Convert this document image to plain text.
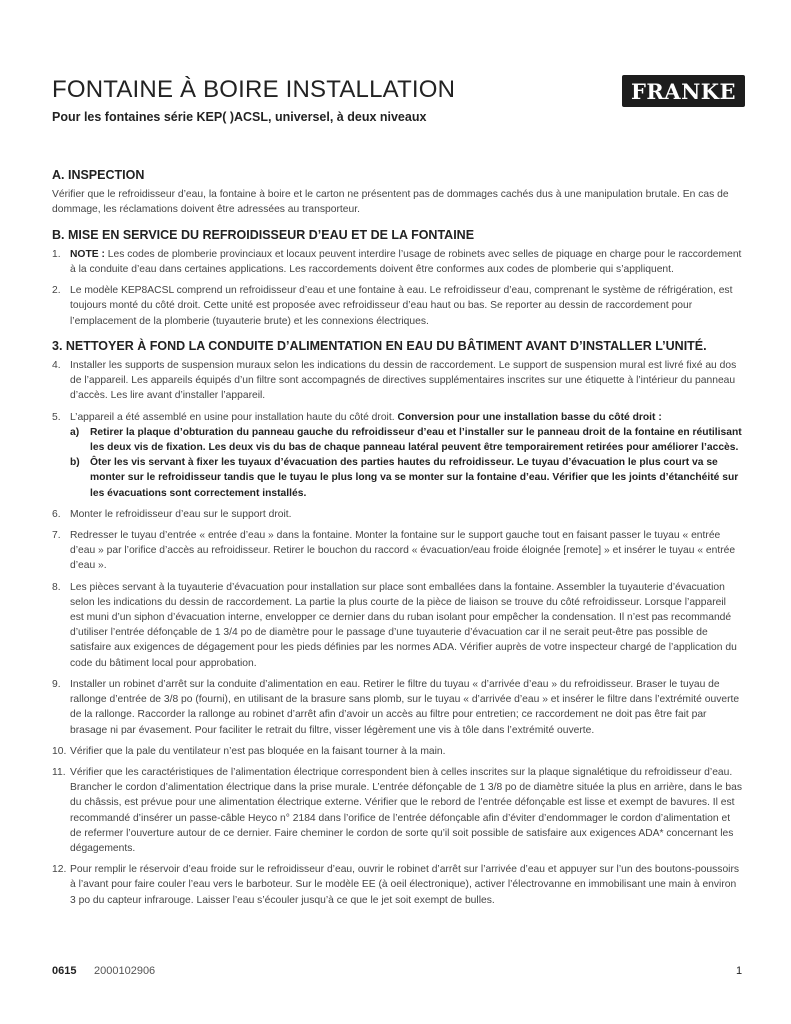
FONTAINE À BOIRE INSTALLATION

Pour les fontaines série KEP( )ACSL, universel, à deux niveaux

FRANKE
A. INSPECTION

Vérifier que le refroidisseur d’eau, la fontaine à boire et le carton ne présentent pas de dommages cachés dus à une manipulation brutale. En cas de dommage, les réclamations doivent être adressées au transporteur.

B. MISE EN SERVICE DU REFROIDISSEUR D’EAU ET DE LA FONTAINE
1. NOTE : Les codes de plomberie provinciaux et locaux peuvent interdire l’usage de robinets avec selles de piquage en charge pour le raccordement à la conduite d’eau dans certaines applications. Les raccordements doivent être conformes aux codes de plomberie qui s’appliquent.
2. Le modèle KEP8ACSL comprend un refroidisseur d’eau et une fontaine à eau. Le refroidisseur d’eau, comprenant le système de réfrigération, est toujours monté du côté droit. Cette unité est proposée avec refroidisseur d’eau haut ou bas. Se reporter au dessin de raccordement pour l’emplacement de la plomberie (tuyauterie brute) et les connexions électriques.
3. NETTOYER À FOND LA CONDUITE D’ALIMENTATION EN EAU DU BÂTIMENT AVANT D’INSTALLER L’UNITÉ.
4. Installer les supports de suspension muraux selon les indications du dessin de raccordement. Le support de suspension mural est livré fixé au dos de l’appareil. Les appareils équipés d’un filtre sont accompagnés de directives supplémentaires inscrites sur une étiquette à l’intérieur du panneau d’accès. Les lire avant d’installer l’appareil.
5. L’appareil a été assemblé en usine pour installation haute du côté droit. Conversion pour une installation basse du côté droit :
a) Retirer la plaque d’obturation du panneau gauche du refroidisseur d’eau et l’installer sur le panneau droit de la fontaine en réutilisant les deux vis de fixation. Les deux vis du bas de chaque panneau latéral peuvent être temporairement retirées pour améliorer l’accès.
b) Ôter les vis servant à fixer les tuyaux d’évacuation des parties hautes du refroidisseur. Le tuyau d’évacuation le plus court va se monter sur le refroidisseur tandis que le tuyau le plus long va se monter sur la fontaine d’eau. Vérifier que les joints d’étanchéité sur les évacuations sont correctement installés.
6. Monter le refroidisseur d’eau sur le support droit.
7. Redresser le tuyau d’entrée « entrée d’eau » dans la fontaine. Monter la fontaine sur le support gauche tout en faisant passer le tuyau « entrée d’eau » par l’orifice d’accès au refroidisseur. Retirer le bouchon du raccord « évacuation/eau froide éloignée [remote] » et insérer le tuyau « entrée d’eau ».
8. Les pièces servant à la tuyauterie d’évacuation pour installation sur place sont emballées dans la fontaine. Assembler la tuyauterie d’évacuation selon les indications du dessin de raccordement. La partie la plus courte de la pièce de liaison se trouve du côté refroidisseur. Lorsque l’appareil est muni d’un siphon d’évacuation interne, envelopper ce dernier dans du ruban isolant pour empêcher la condensation. Il n’est pas recommandé d’utiliser l’entrée défonçable de 1 3/4 po de diamètre pour le passage d’une tuyauterie d’évacuation car il ne serait peut-être pas possible de satisfaire aux exigences de dégagement pour les pieds définies par les normes ADA. Vérifier auprès de votre inspecteur chargé de l’application du code du bâtiment local pour approbation.
9. Installer un robinet d’arrêt sur la conduite d’alimentation en eau. Retirer le filtre du tuyau « d’arrivée d’eau » du refroidisseur. Braser le tuyau de rallonge d’entrée de 3/8 po (fourni), en utilisant de la brasure sans plomb, sur le tuyau « d’arrivée d’eau » et insérer le filtre dans l’extrémité ouverte de la rallonge. Raccorder la rallonge au robinet d’arrêt afin d’avoir un accès au filtre pour entretien; ce raccordement ne doit pas être fait par brasage ni par évasement. Pour faciliter le retrait du filtre, visser légèrement une vis à tôle dans l’extrémité ouverte.
10. Vérifier que la pale du ventilateur n’est pas bloquée en la faisant tourner à la main.
11. Vérifier que les caractéristiques de l’alimentation électrique correspondent bien à celles inscrites sur la plaque signalétique du refroidisseur d’eau. Brancher le cordon d’alimentation électrique dans la prise murale. L’entrée défonçable de 1 3/8 po de diamètre située la plus en arrière, dans le bas du châssis, est prévue pour une alimentation électrique externe. Vérifier que le rebord de l’entrée défonçable est lisse et exempt de bavures. Il est recommandé d’insérer un passe-câble Heyco n° 2184 dans l’orifice de l’entrée défonçable afin d’éviter d’endommager le cordon d’alimentation et de refermer l’ouverture autour de ce dernier. Faire cheminer le cordon de sorte qu’il soit possible de satisfaire aux exigences ADA* concernant les dégagements.
12. Pour remplir le réservoir d’eau froide sur le refroidisseur d’eau, ouvrir le robinet d’arrêt sur l’arrivée d’eau et appuyer sur l’un des boutons-poussoirs à l’avant pour faire couler l’eau vers le barboteur. Sur le modèle EE (à oeil électronique), activer l’électrovanne en immobilisant une main à environ 3 po du capteur infrarouge. Laisser l’eau s’écouler jusqu’à ce que le jet soit exempt de bulles.
0615 2000102906	1
